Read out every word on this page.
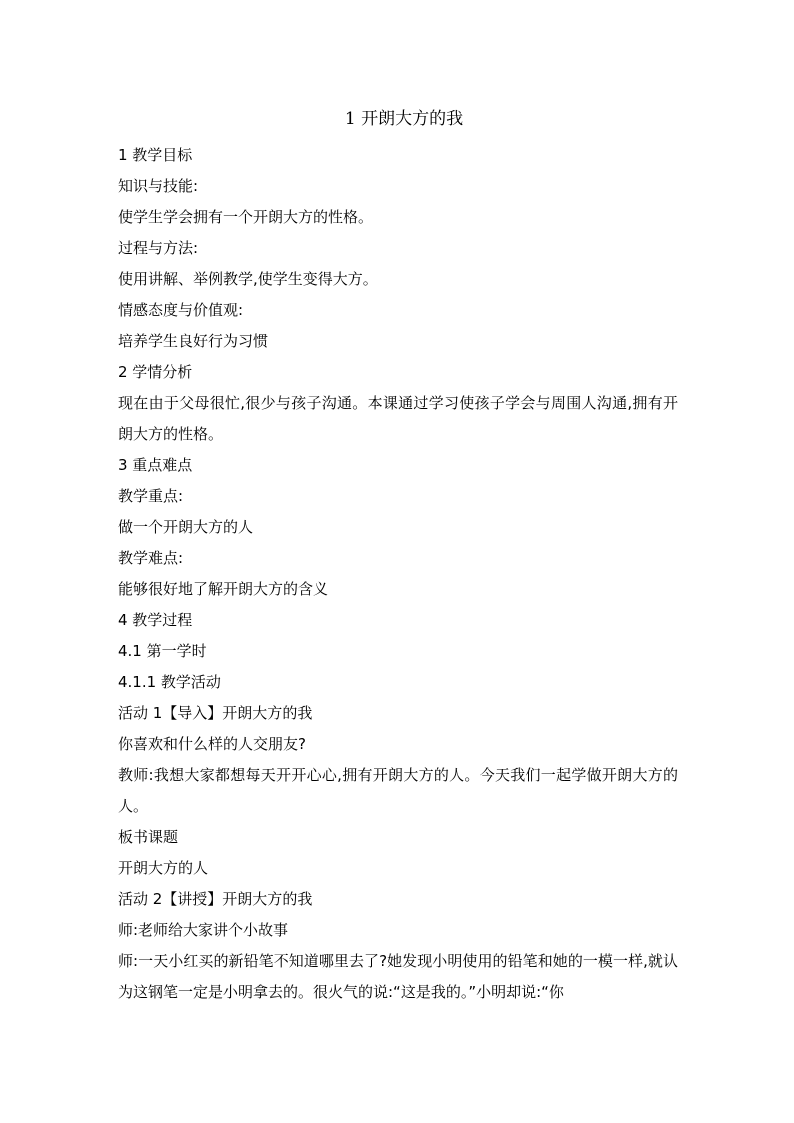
1 开朗大方的我
1 教学目标
知识与技能:
使学生学会拥有一个开朗大方的性格。
过程与方法:
使用讲解、举例教学,使学生变得大方。
情感态度与价值观:
培养学生良好行为习惯
2 学情分析
现在由于父母很忙,很少与孩子沟通。本课通过学习使孩子学会与周围人沟通,拥有开朗大方的性格。
3 重点难点
教学重点:
做一个开朗大方的人
教学难点:
能够很好地了解开朗大方的含义
4 教学过程
4.1 第一学时
4.1.1 教学活动
活动 1【导入】开朗大方的我
你喜欢和什么样的人交朋友?
教师:我想大家都想每天开开心心,拥有开朗大方的人。今天我们一起学做开朗大方的人。
板书课题
开朗大方的人
活动 2【讲授】开朗大方的我
师:老师给大家讲个小故事
师:一天小红买的新铅笔不知道哪里去了?她发现小明使用的铅笔和她的一模一样,就认为这钢笔一定是小明拿去的。很火气的说:“这是我的。”小明却说:“你
